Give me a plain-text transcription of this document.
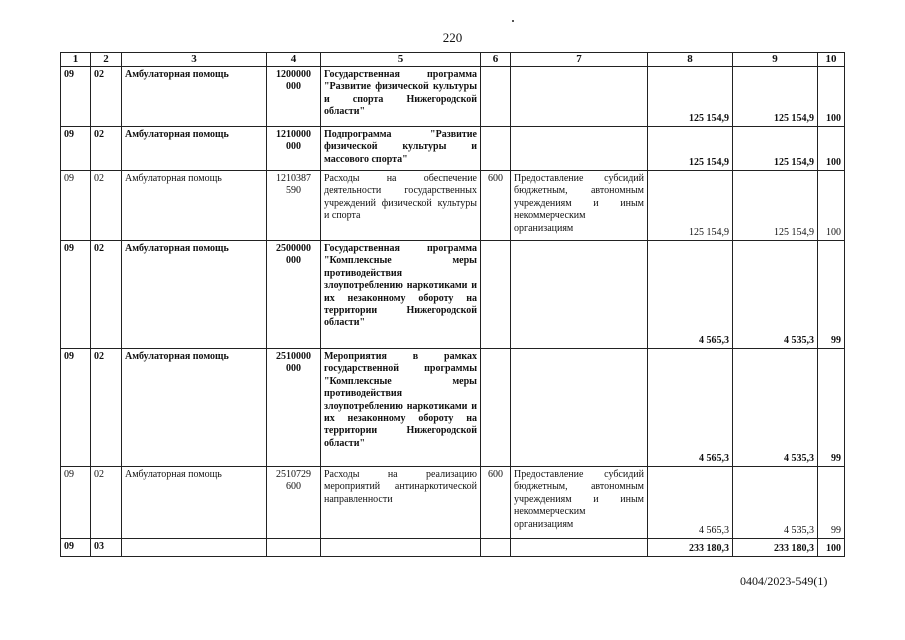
220
1	2	3	4	5	6	7	8	9	10
09	02	Амбулаторная помощь	1200000 000	Государственная программа "Развитие физической культуры и спорта Нижегородской области"			125 154,9	125 154,9	100
09	02	Амбулаторная помощь	1210000 000	Подпрограмма "Развитие физической культуры и массового спорта"			125 154,9	125 154,9	100
09	02	Амбулаторная помощь	1210387 590	Расходы на обеспечение деятельности государственных учреждений физической культуры и спорта	600	Предоставление субсидий бюджетным, автономным учреждениям и иным некоммерческим организациям	125 154,9	125 154,9	100
09	02	Амбулаторная помощь	2500000 000	Государственная программа "Комплексные меры противодействия злоупотреблению наркотиками и их незаконному обороту на территории Нижегородской области"			4 565,3	4 535,3	99
09	02	Амбулаторная помощь	2510000 000	Мероприятия в рамках государственной программы "Комплексные меры противодействия злоупотреблению наркотиками и их незаконному обороту на территории Нижегородской области"			4 565,3	4 535,3	99
09	02	Амбулаторная помощь	2510729 600	Расходы на реализацию мероприятий антинаркотической направленности	600	Предоставление субсидий бюджетным, автономным учреждениям и иным некоммерческим организациям	4 565,3	4 535,3	99
09	03						233 180,3	233 180,3	100
0404/2023-549(1)
